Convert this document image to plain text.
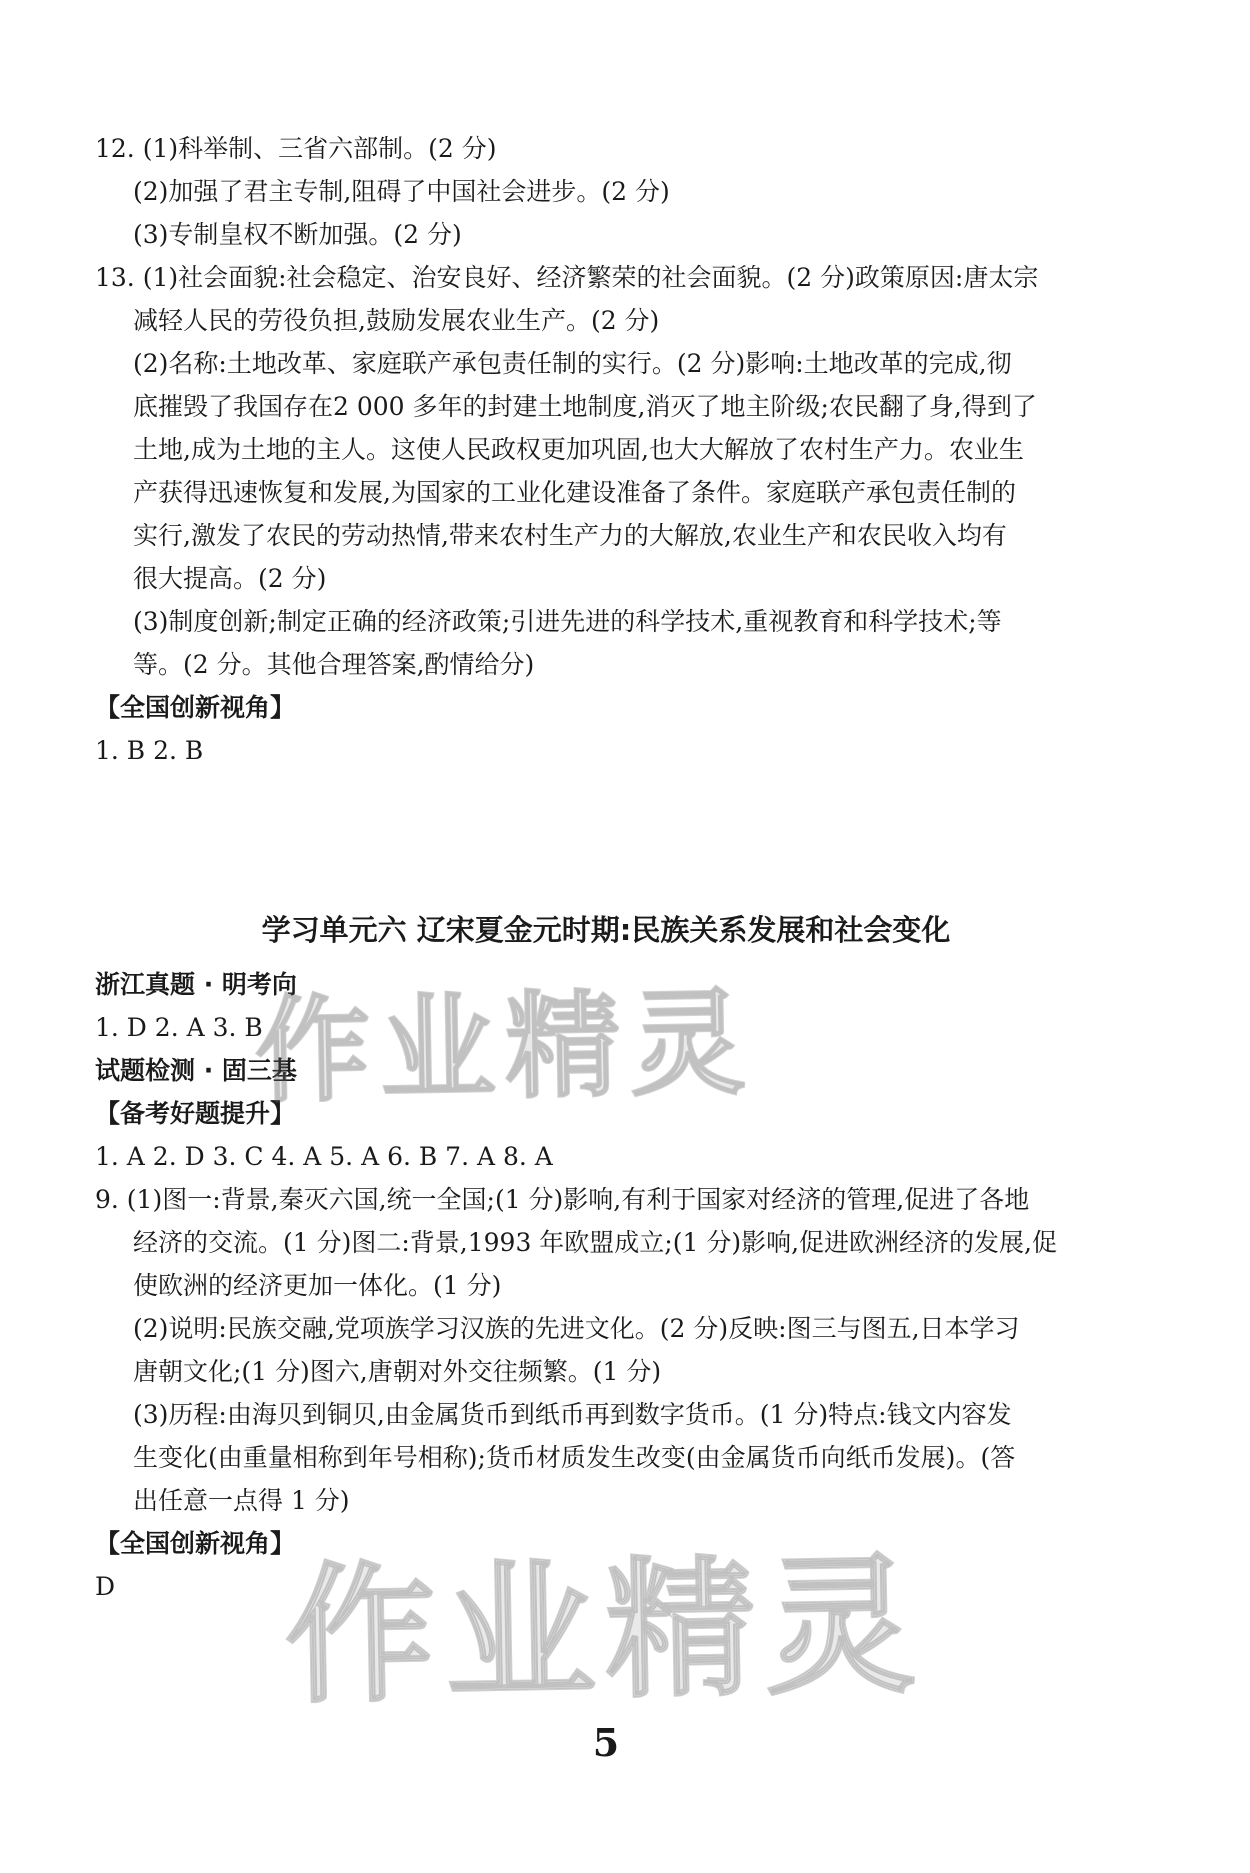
12. (1)科举制、三省六部制。(2 分)
(2)加强了君主专制,阻碍了中国社会进步。(2 分)
(3)专制皇权不断加强。(2 分)
13. (1)社会面貌:社会稳定、治安良好、经济繁荣的社会面貌。(2 分)政策原因:唐太宗
减轻人民的劳役负担,鼓励发展农业生产。(2 分)
(2)名称:土地改革、家庭联产承包责任制的实行。(2 分)影响:土地改革的完成,彻
底摧毁了我国存在2 000 多年的封建土地制度,消灭了地主阶级;农民翻了身,得到了
土地,成为土地的主人。这使人民政权更加巩固,也大大解放了农村生产力。农业生
产获得迅速恢复和发展,为国家的工业化建设准备了条件。家庭联产承包责任制的
实行,激发了农民的劳动热情,带来农村生产力的大解放,农业生产和农民收入均有
很大提高。(2 分)
(3)制度创新;制定正确的经济政策;引进先进的科学技术,重视教育和科学技术;等
等。(2 分。其他合理答案,酌情给分)
【全国创新视角】
1. B 2. B
学习单元六 辽宋夏金元时期:民族关系发展和社会变化
浙江真题 · 明考向
1. D 2. A 3. B
试题检测 · 固三基
【备考好题提升】
1. A 2. D 3. C 4. A 5. A 6. B 7. A 8. A
9. (1)图一:背景,秦灭六国,统一全国;(1 分)影响,有利于国家对经济的管理,促进了各地
经济的交流。(1 分)图二:背景,1993 年欧盟成立;(1 分)影响,促进欧洲经济的发展,促
使欧洲的经济更加一体化。(1 分)
(2)说明:民族交融,党项族学习汉族的先进文化。(2 分)反映:图三与图五,日本学习
唐朝文化;(1 分)图六,唐朝对外交往频繁。(1 分)
(3)历程:由海贝到铜贝,由金属货币到纸币再到数字货币。(1 分)特点:钱文内容发
生变化(由重量相称到年号相称);货币材质发生改变(由金属货币向纸币发展)。(答
出任意一点得 1 分)
【全国创新视角】
D
5
作业精灵
作业精灵
